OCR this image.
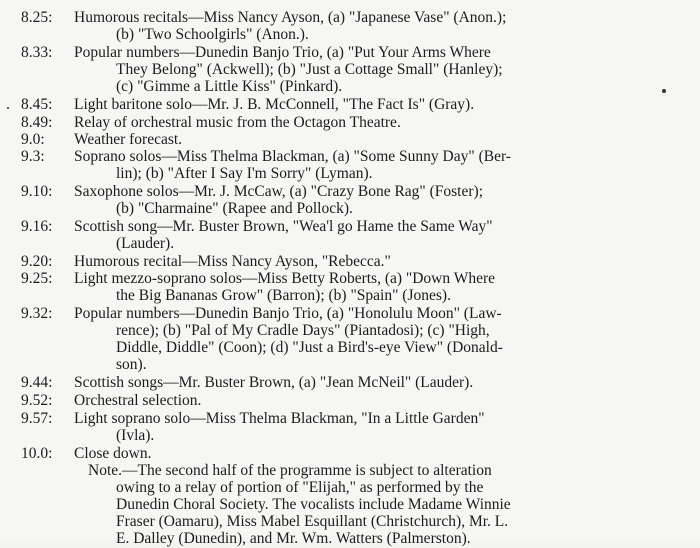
8.25: Humorous recitals—Miss Nancy Ayson, (a) "Japanese Vase" (Anon.);
(b) "Two Schoolgirls" (Anon.).
8.33: Popular numbers—Dunedin Banjo Trio, (a) "Put Your Arms Where
They Belong" (Ackwell); (b) "Just a Cottage Small" (Hanley);
(c) "Gimme a Little Kiss" (Pinkard).
8.45: Light baritone solo—Mr. J. B. McConnell, "The Fact Is" (Gray).
8.49: Relay of orchestral music from the Octagon Theatre.
9.0: Weather forecast.
9.3: Soprano solos—Miss Thelma Blackman, (a) "Some Sunny Day" (Ber-
lin); (b) "After I Say I'm Sorry" (Lyman).
9.10: Saxophone solos—Mr. J. McCaw, (a) "Crazy Bone Rag" (Foster);
(b) "Charmaine" (Rapee and Pollock).
9.16: Scottish song—Mr. Buster Brown, "Wea'l go Hame the Same Way"
(Lauder).
9.20: Humorous recital—Miss Nancy Ayson, "Rebecca."
9.25: Light mezzo-soprano solos—Miss Betty Roberts, (a) "Down Where
the Big Bananas Grow" (Barron); (b) "Spain" (Jones).
9.32: Popular numbers—Dunedin Banjo Trio, (a) "Honolulu Moon" (Law-
rence); (b) "Pal of My Cradle Days" (Piantadosi); (c) "High,
Diddle, Diddle" (Coon); (d) "Just a Bird's-eye View" (Donald-
son).
9.44: Scottish songs—Mr. Buster Brown, (a) "Jean McNeil" (Lauder).
9.52: Orchestral selection.
9.57: Light soprano solo—Miss Thelma Blackman, "In a Little Garden"
(Ivla).
10.0: Close down.
Note.—The second half of the programme is subject to alteration
owing to a relay of portion of "Elijah," as performed by the
Dunedin Choral Society. The vocalists include Madame Winnie
Fraser (Oamaru), Miss Mabel Esquillant (Christchurch), Mr. L.
E. Dalley (Dunedin), and Mr. Wm. Watters (Palmerston).
